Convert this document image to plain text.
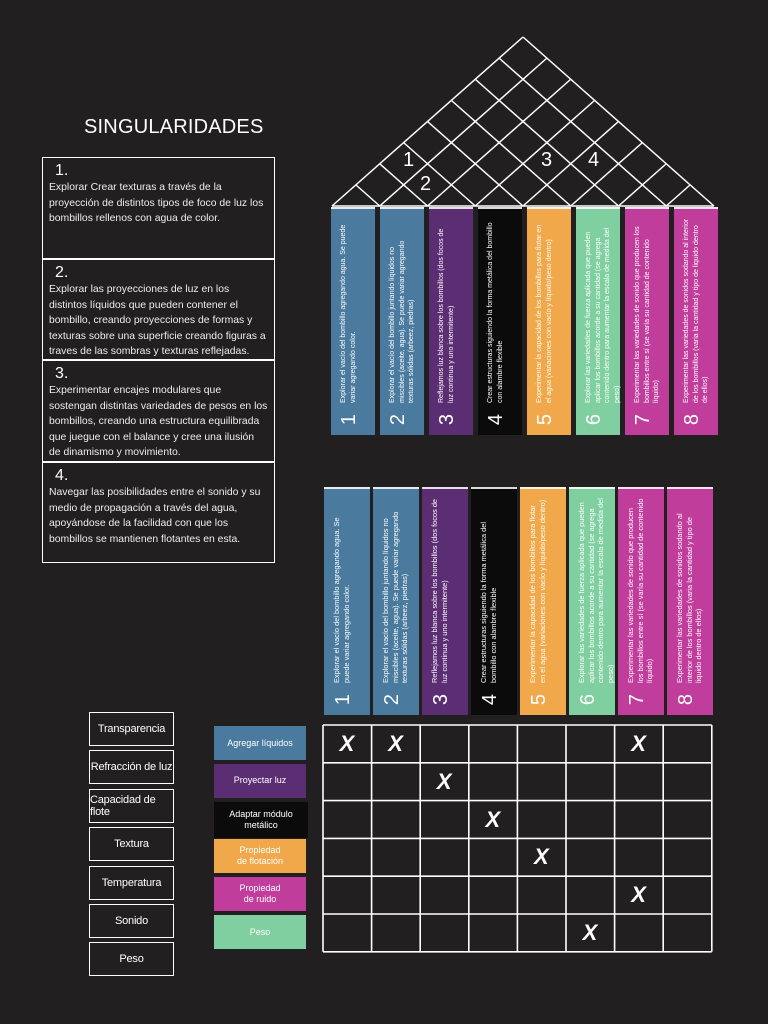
SINGULARIDADES
1.
Explorar Crear texturas a través de la proyección de distintos tipos de foco de luz los bombillos rellenos con agua de color.
2.
Explorar las proyecciones de luz en los distintos líquidos que pueden contener el bombillo, creando proyecciones de formas y texturas sobre una superficie creando figuras a traves de las sombras y texturas reflejadas.
3.
Experimentar encajes modulares que sostengan distintas variedades de pesos en los bombillos, creando una estructura equilibrada que juegue con el balance y cree una ilusión de dinamismo y movimiento.
4.
Navegar las posibilidades entre el sonido y su medio de propagación a través del agua, apoyándose de la facilidad con que los bombillos se mantienen flotantes en esta.
1
2
3 4
1
Explorar el vacío del bombillo agregando agua. Se puede variar agregando color.
2
Explorar el vacío del bombillo juntando líquidos no miscibles (aceite, agua). Se puede variar agregando texturas sólidas (arbeez, piedras)
3
Reflejamos luz blanca sobre los bombillos (dos focos de luz continua y uno intermitente)
4
Crear estructuras siguiendo la forma metálica del bombillo con alambre flexible
5
Experimentar la capacidad de los bombillos para flotar en el agua (variaciones con vacío y líquido/peso dentro)
6
Explorar las variedades de fuerza aplicada que pueden aplicar los bombillos acorde a su cantidad (se agrega contenido dentro para aumentar la escala de medida del peso)
7
Experimentar las variedades de sonido que producen los bombillos entre sí (se varía su cantidad de contenido líquido)
8
Experimentar las variedades de sonidos sodando al interior de los bombillos (varia la cantidad y tipo de liquido dentro de ellos)
1
Explorar el vacío del bombillo agregando agua. Se puede variar agregando color.
2
Explorar el vacío del bombillo juntando líquidos no miscibles (aceite, agua). Se puede variar agregando texturas sólidas (arbeez, piedras)
3
Reflejamos luz blanca sobre los bombillos (dos focos de luz continua y uno intermitente)
4
Crear estructuras siguiendo la forma metálica del bombillo con alambre flexible
5
Experimentar la capacidad de los bombillos para flotar en el agua (variaciones con vacío y líquido/peso dentro)
6
Explorar las variedades de fuerza aplicada que pueden aplicar los bombillos acorde a su cantidad (se agrega contenido dentro para aumentar la escala de medida del peso)
7
Experimentar las variedades de sonido que producen los bombillos entre sí (se varía su cantidad de contenido líquido)
8
Experimentar las variedades de sonidos sodando al interior de los bombillos (varia la cantidad y tipo de liquido dentro de ellos)
Transparencia
Refracción de luz
Capacidad de flote
Textura
Temperatura
Sonido
Peso
Agregar líquidos
Proyectar luz
Adaptar módulo
metálico
Propiedad
de flotación
Propiedad
de ruido
Peso
X	X	X
X
X
X
X
X
